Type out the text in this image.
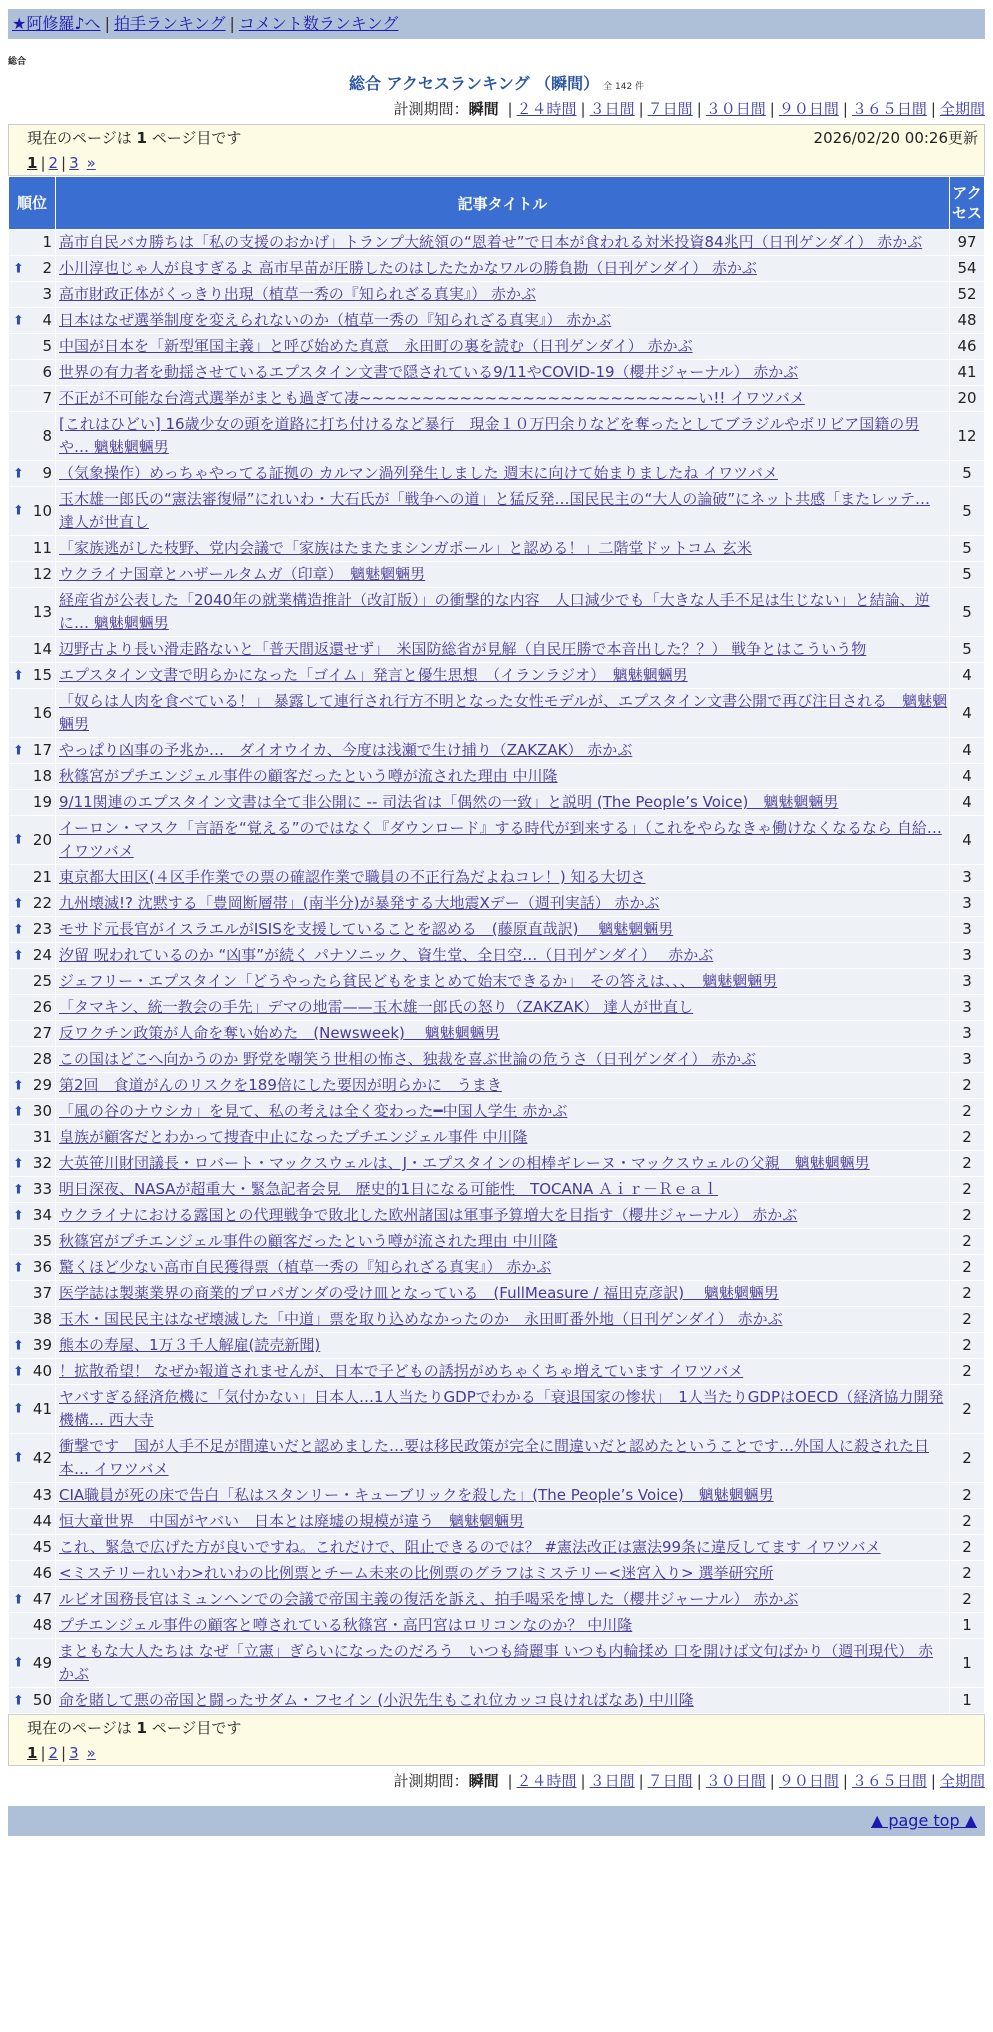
★阿修羅♪へ | 拍手ランキング | コメント数ランキング
総合
総合 アクセスランキング （瞬間） 全 142 件
計測期間：瞬間 | ２４時間 | ３日間 | ７日間 | ３０日間 | ９０日間 | ３６５日間 | 全期間
現在のページは 1 ページ目です	2026/02/20 00:26更新
1 | 2 | 3 »
順位	記事タイトル	アクセス
1	高市自民バカ勝ちは「私の支援のおかげ」トランプ大統領の“恩着せ”で日本が食われる対米投資84兆円（日刊ゲンダイ） 赤かぶ	97

⬆ 2	小川淳也じゃ人が良すぎるよ 高市早苗が圧勝したのはしたたかなワルの勝負勘（日刊ゲンダイ） 赤かぶ	54
3	高市財政正体がくっきり出現（植草一秀の『知られざる真実』） 赤かぶ	52

⬆ 4	日本はなぜ選挙制度を変えられないのか（植草一秀の『知られざる真実』） 赤かぶ	48
5	中国が日本を「新型軍国主義」と呼び始めた真意　永田町の裏を読む（日刊ゲンダイ） 赤かぶ	46
6	世界の有力者を動揺させているエプスタイン文書で隠されている9/11やCOVID-19（櫻井ジャーナル） 赤かぶ	41
7	不正が不可能な台湾式選挙がまとも過ぎて凄~~~~~~~~~~~~~~~~~~~~~~~~~~~い!! イワツバメ	20
8	[これはひどい] 16歳少女の頭を道路に打ち付けるなど暴行　現金１０万円余りなどを奪ったとしてブラジルやボリビア国籍の男や… 魑魅魍魎男	12

⬆ 9	（気象操作）めっちゃやってる証拠の カルマン渦列発生しました 週末に向けて始まりましたね イワツバメ	5

⬆ 10	玉木雄一郎氏の“憲法審復帰”にれいわ・大石氏が「戦争への道」と猛反発…国民民主の“大人の論破”にネット共感「またレッテ… 達人が世直し	5
11	「家族逃がした枝野、党内会議で「家族はたまたまシンガポール」と認める！」二階堂ドットコム 玄米	5
12	ウクライナ国章とハザールタムガ（印章）　魑魅魍魎男	5
13	経産省が公表した「2040年の就業構造推計（改訂版）」の衝撃的な内容　人口減少でも「大きな人手不足は生じない」と結論、逆に… 魑魅魍魎男	5
14	辺野古より長い滑走路ないと「普天間返還せず」　米国防総省が見解（自民圧勝で本音出した？？） 戦争とはこういう物	5

⬆ 15	エプスタイン文書で明らかになった「ゴイム」発言と優生思想　（イランラジオ）　魑魅魍魎男	4
16	「奴らは人肉を食べている！」 暴露して連行され行方不明となった女性モデルが、エプスタイン文書公開で再び注目される　魑魅魍魎男	4

⬆ 17	やっぱり凶事の予兆か…　ダイオウイカ、今度は浅瀬で生け捕り（ZAKZAK） 赤かぶ	4
18	秋篠宮がプチエンジェル事件の顧客だったという噂が流された理由 中川隆	4
19	9/11関連のエプスタイン文書は全て非公開に -- 司法省は「偶然の一致」と説明 (The People’s Voice)　魑魅魍魎男	4

⬆ 20	イーロン・マスク「言語を“覚える”のではなく『ダウンロード』する時代が到来する」（これをやらなきゃ働けなくなるなら 自給… イワツバメ	4
21	東京都大田区(４区手作業での票の確認作業で職員の不正行為だよねコレ！) 知る大切さ	3

⬆ 22	九州壊滅!? 沈黙する「豊岡断層帯」(南半分)が暴発する大地震Xデー（週刊実話） 赤かぶ	3

⬆ 23	モサド元長官がイスラエルがISISを支援していることを認める　(藤原直哉訳)　 魑魅魍魎男	3

⬆ 24	汐留 呪われているのか “凶事”が続く パナソニック、資生堂、全日空…（日刊ゲンダイ）　 赤かぶ	3
25	ジェフリー・エプスタイン「どうやったら貧民どもをまとめて始末できるか」　その答えは、、、　魑魅魍魎男	3
26	「タマキン、統一教会の手先」デマの地雷——玉木雄一郎氏の怒り（ZAKZAK） 達人が世直し	3
27	反ワクチン政策が人命を奪い始めた　(Newsweek)　 魑魅魍魎男	3
28	この国はどこへ向かうのか 野党を嘲笑う世相の怖さ、独裁を喜ぶ世論の危うさ（日刊ゲンダイ） 赤かぶ	3

⬆ 29	第2回　食道がんのリスクを189倍にした要因が明らかに　うまき	2

⬆ 30	「風の谷のナウシカ」を見て、私の考えは全く変わった━中国人学生 赤かぶ	2
31	皇族が顧客だとわかって捜査中止になったプチエンジェル事件 中川隆	2

⬆ 32	大英笹川財団議長・ロバート・マックスウェルは、J・エプスタインの相棒ギレーヌ・マックスウェルの父親　魑魅魍魎男	2

⬆ 33	明日深夜、NASAが超重大・緊急記者会見　歴史的1日になる可能性　TOCANA Ａｉｒ－Ｒｅａｌ	2

⬆ 34	ウクライナにおける露国との代理戦争で敗北した欧州諸国は軍事予算増大を目指す（櫻井ジャーナル） 赤かぶ	2
35	秋篠宮がプチエンジェル事件の顧客だったという噂が流された理由 中川隆	2

⬆ 36	驚くほど少ない高市自民獲得票（植草一秀の『知られざる真実』） 赤かぶ	2
37	医学誌は製薬業界の商業的プロパガンダの受け皿となっている　(FullMeasure / 福田克彦訳)　 魑魅魍魎男	2
38	玉木・国民民主はなぜ壊滅した「中道」票を取り込めなかったのか　永田町番外地（日刊ゲンダイ） 赤かぶ	2

⬆ 39	熊本の寿屋、1万３千人解雇(読売新聞)	2

⬆ 40	！拡散希望！ なぜか報道されませんが、日本で子どもの誘拐がめちゃくちゃ増えています イワツバメ	2

⬆ 41	ヤバすぎる経済危機に「気付かない」日本人…1人当たりGDPでわかる「衰退国家の惨状」　1人当たりGDPはOECD（経済協力開発機構… 西大寺	2

⬆ 42	衝撃です　国が人手不足が間違いだと認めました…要は移民政策が完全に間違いだと認めたということです…外国人に殺された日本… イワツバメ	2
43	CIA職員が死の床で告白「私はスタンリー・キューブリックを殺した」(The People’s Voice)　魑魅魍魎男	2
44	恒大童世界　中国がヤバい　日本とは廃墟の規模が違う　魑魅魍魎男	2
45	これ、緊急で広げた方が良いですね。これだけで、阻止できるのでは？ #憲法改正は憲法99条に違反してます イワツバメ	2
46	<ミステリーれいわ>れいわの比例票とチーム未来の比例票のグラフはミステリー<迷宮入り> 選挙研究所	2

⬆ 47	ルビオ国務長官はミュンヘンでの会議で帝国主義の復活を訴え、拍手喝采を博した（櫻井ジャーナル） 赤かぶ	2
48	プチエンジェル事件の顧客と噂されている秋篠宮・高円宮はロリコンなのか？ 中川隆	1

⬆ 49	まともな大人たちは なぜ「立憲」ぎらいになったのだろう　いつも綺麗事 いつも内輪揉め 口を開けば文句ばかり（週刊現代） 赤かぶ	1

⬆ 50	命を賭して悪の帝国と闘ったサダム・フセイン (小沢先生もこれ位カッコ良ければなあ) 中川隆	1
現在のページは 1 ページ目です
1 | 2 | 3 »
計測期間：瞬間 | ２４時間 | ３日間 | ７日間 | ３０日間 | ９０日間 | ３６５日間 | 全期間
▲ page top ▲
